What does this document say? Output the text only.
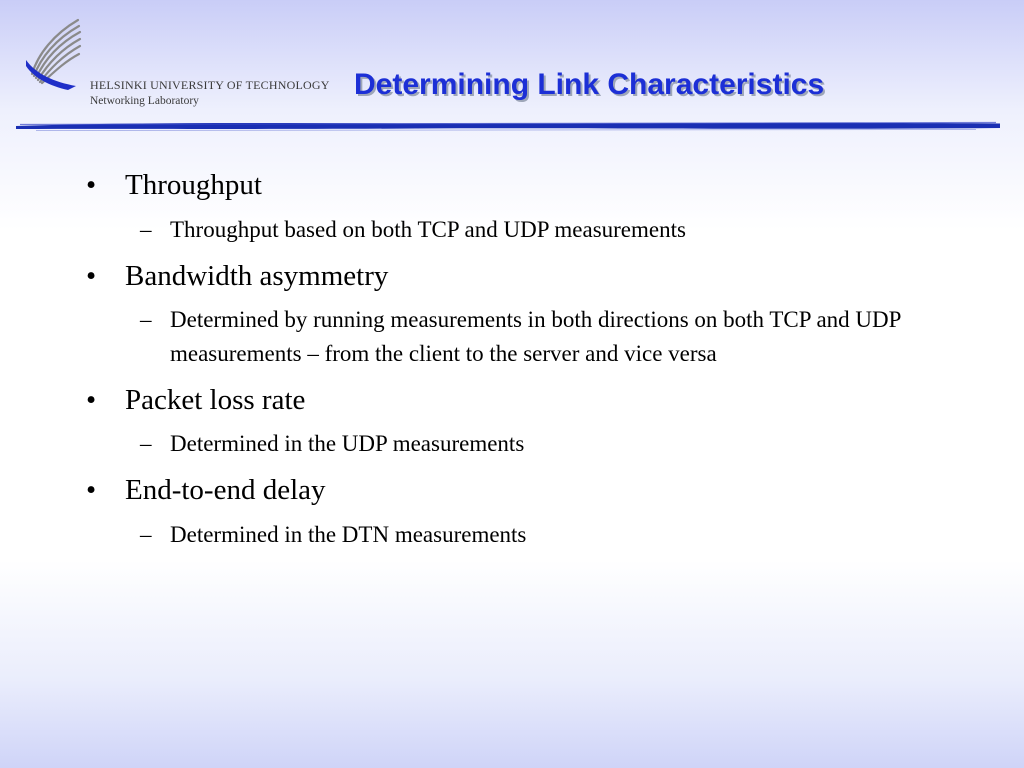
HELSINKI UNIVERSITY OF TECHNOLOGY
Networking Laboratory	Determining Link Characteristics
• Throughput
– Throughput based on both TCP and UDP measurements
• Bandwidth asymmetry
– Determined by running measurements in both directions on both TCP and UDP measurements – from the client to the server and vice versa
• Packet loss rate
– Determined in the UDP measurements
• End-to-end delay
– Determined in the DTN measurements
